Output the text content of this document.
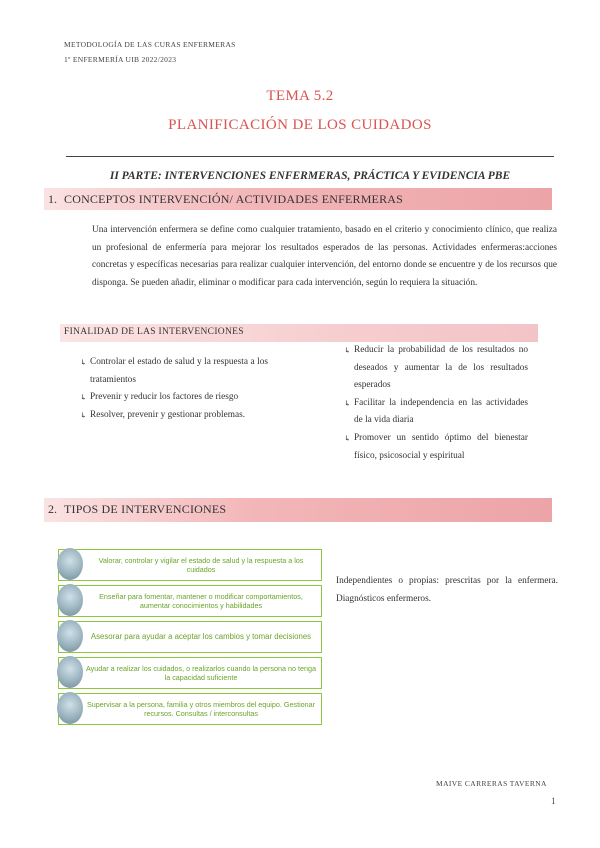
METODOLOGÍA DE LAS CURAS ENFERMERAS
1º ENFERMERÍA UIB 2022/2023
TEMA 5.2
PLANIFICACIÓN DE LOS CUIDADOS
II PARTE: INTERVENCIONES ENFERMERAS, PRÁCTICA Y EVIDENCIA PBE
1. CONCEPTOS INTERVENCIÓN/ ACTIVIDADES ENFERMERAS
Una intervención enfermera se define como cualquier tratamiento, basado en el criterio y conocimiento clínico, que realiza un profesional de enfermería para mejorar los resultados esperados de las personas. Actividades enfermeras:acciones concretas y específicas necesarias para realizar cualquier intervención, del entorno donde se encuentre y de los recursos que disponga. Se pueden añadir, eliminar o modificar para cada intervención, según lo requiera la situación.
FINALIDAD DE LAS INTERVENCIONES
↳ Controlar el estado de salud y la respuesta a los tratamientos
↳ Prevenir y reducir los factores de riesgo
↳ Resolver, prevenir y gestionar problemas.
↳ Reducir la probabilidad de los resultados no deseados y aumentar la de los resultados esperados
↳ Facilitar la independencia en las actividades de la vida diaria
↳ Promover un sentido óptimo del bienestar físico, psicosocial y espiritual
2. TIPOS DE INTERVENCIONES
Valorar, controlar y vigilar el estado de salud y la respuesta a los cuidados
Enseñar para fomentar, mantener o modificar comportamientos, aumentar conocimientos y habilidades
Asesorar para ayudar a aceptar los cambios y tomar decisiones
Ayudar a realizar los cuidados, o realizarlos cuando la persona no tenga la capacidad suficiente
Supervisar a la persona, familia y otros miembros del equipo. Gestionar recursos. Consultas / interconsultas
Independientes o propias: prescritas por la enfermera. Diagnósticos enfermeros.
MAIVE CARRERAS TAVERNA
1
